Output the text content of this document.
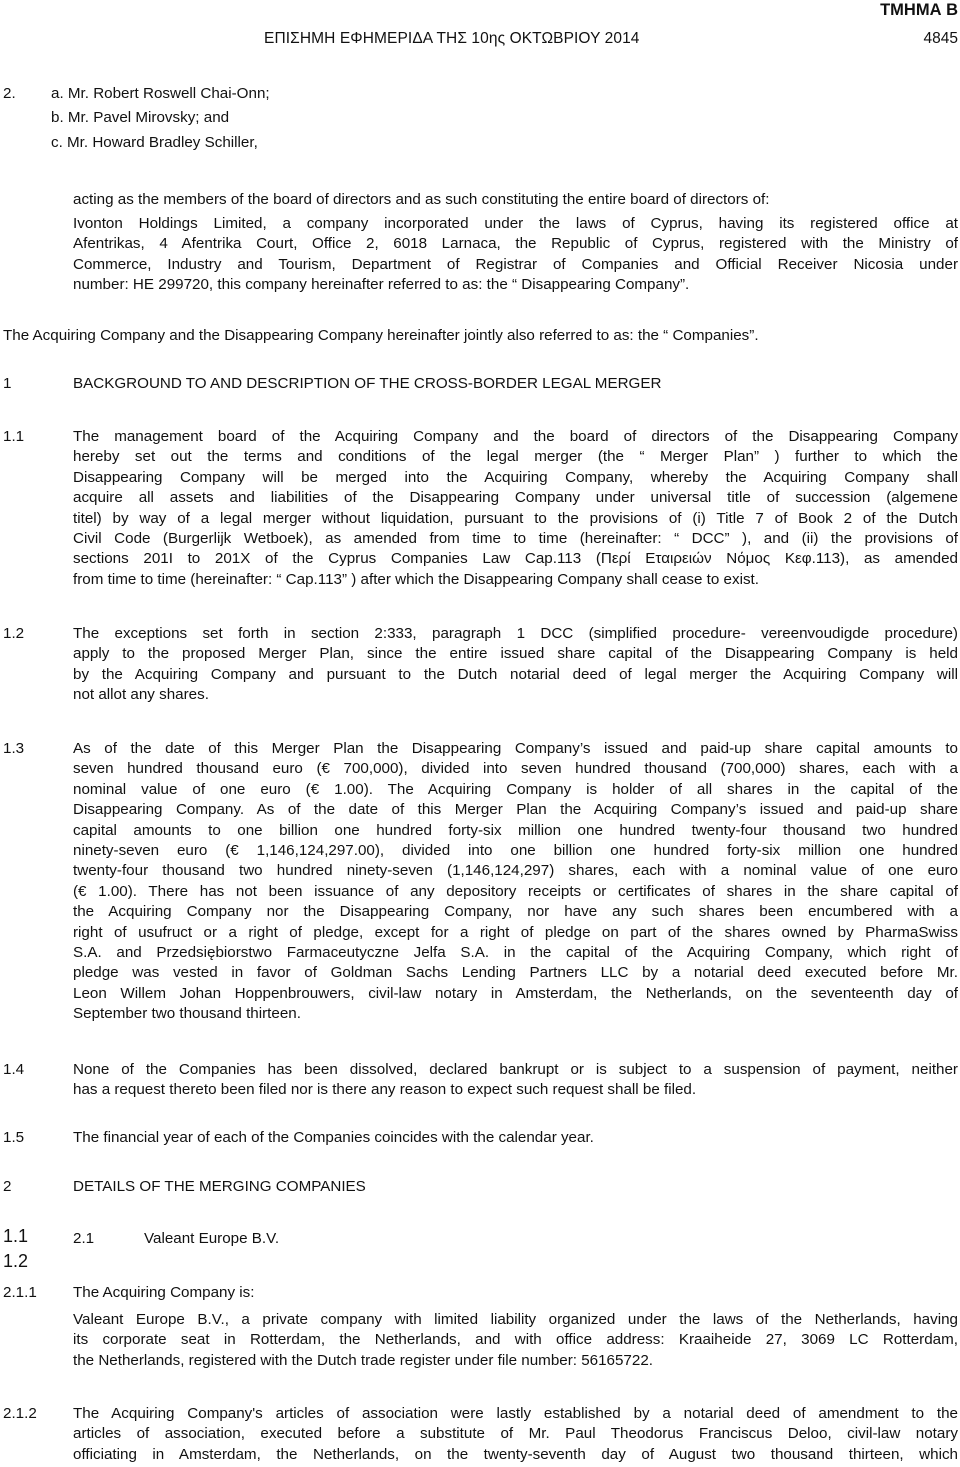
ΤΜΗΜΑ Β
ΕΠΙΣΗΜΗ ΕΦΗΜΕΡΙΔΑ ΤΗΣ 10ης ΟΚΤΩΒΡΙΟΥ 2014	4845
2. a. Mr. Robert Roswell Chai-Onn;
b. Mr. Pavel Mirovsky; and
c. Mr. Howard Bradley Schiller,
acting as the members of the board of directors and as such constituting the entire board of directors of:
Ivonton Holdings Limited, a company incorporated under the laws of Cyprus, having its registered office at
Afentrikas, 4 Afentrika Court, Office 2, 6018 Larnaca, the Republic of Cyprus, registered with the Ministry of
Commerce, Industry and Tourism, Department of Registrar of Companies and Official Receiver Nicosia under
number: HE 299720, this company hereinafter referred to as: the “ Disappearing Company”.
The Acquiring Company and the Disappearing Company hereinafter jointly also referred to as: the “ Companies”.
1	BACKGROUND TO AND DESCRIPTION OF THE CROSS-BORDER LEGAL MERGER
1.1	The management board of the Acquiring Company and the board of directors of the Disappearing Company
hereby set out the terms and conditions of the legal merger (the “ Merger Plan” ) further to which the
Disappearing Company will be merged into the Acquiring Company, whereby the Acquiring Company shall
acquire all assets and liabilities of the Disappearing Company under universal title of succession (algemene
titel) by way of a legal merger without liquidation, pursuant to the provisions of (i) Title 7 of Book 2 of the Dutch
Civil Code (Burgerlijk Wetboek), as amended from time to time (hereinafter: “ DCC” ), and (ii) the provisions of
sections 201I to 201X of the Cyprus Companies Law Cap.113 (Περί Εταιρειών Νόμος Κεφ.113), as amended
from time to time (hereinafter: “ Cap.113” ) after which the Disappearing Company shall cease to exist.
1.2	The exceptions set forth in section 2:333, paragraph 1 DCC (simplified procedure- vereenvoudigde procedure)
apply to the proposed Merger Plan, since the entire issued share capital of the Disappearing Company is held
by the Acquiring Company and pursuant to the Dutch notarial deed of legal merger the Acquiring Company will
not allot any shares.
1.3	As of the date of this Merger Plan the Disappearing Company’s issued and paid-up share capital amounts to
seven hundred thousand euro (€ 700,000), divided into seven hundred thousand (700,000) shares, each with a
nominal value of one euro (€ 1.00). The Acquiring Company is holder of all shares in the capital of the
Disappearing Company. As of the date of this Merger Plan the Acquiring Company’s issued and paid-up share
capital amounts to one billion one hundred forty-six million one hundred twenty-four thousand two hundred
ninety-seven euro (€ 1,146,124,297.00), divided into one billion one hundred forty-six million one hundred
twenty-four thousand two hundred ninety-seven (1,146,124,297) shares, each with a nominal value of one euro
(€ 1.00). There has not been issuance of any depository receipts or certificates of shares in the share capital of
the Acquiring Company nor the Disappearing Company, nor have any such shares been encumbered with a
right of usufruct or a right of pledge, except for a right of pledge on part of the shares owned by PharmaSwiss
S.A. and Przedsiębiorstwo Farmaceutyczne Jelfa S.A. in the capital of the Acquiring Company, which right of
pledge was vested in favor of Goldman Sachs Lending Partners LLC by a notarial deed executed before Mr.
Leon Willem Johan Hoppenbrouwers, civil-law notary in Amsterdam, the Netherlands, on the seventeenth day of
September two thousand thirteen.
1.4	None of the Companies has been dissolved, declared bankrupt or is subject to a suspension of payment, neither
has a request thereto been filed nor is there any reason to expect such request shall be filed.
1.5	The financial year of each of the Companies coincides with the calendar year.
2	DETAILS OF THE MERGING COMPANIES
1.1
1.2
2.1	Valeant Europe B.V.
2.1.1 The Acquiring Company is:
Valeant Europe B.V., a private company with limited liability organized under the laws of the Netherlands, having
its corporate seat in Rotterdam, the Netherlands, and with office address: Kraaiheide 27, 3069 LC Rotterdam,
the Netherlands, registered with the Dutch trade register under file number: 56165722.
2.1.2 The Acquiring Company's articles of association were lastly established by a notarial deed of amendment to the
articles of association, executed before a substitute of Mr. Paul Theodorus Franciscus Deloo, civil-law notary
officiating in Amsterdam, the Netherlands, on the twenty-seventh day of August two thousand thirteen, which
